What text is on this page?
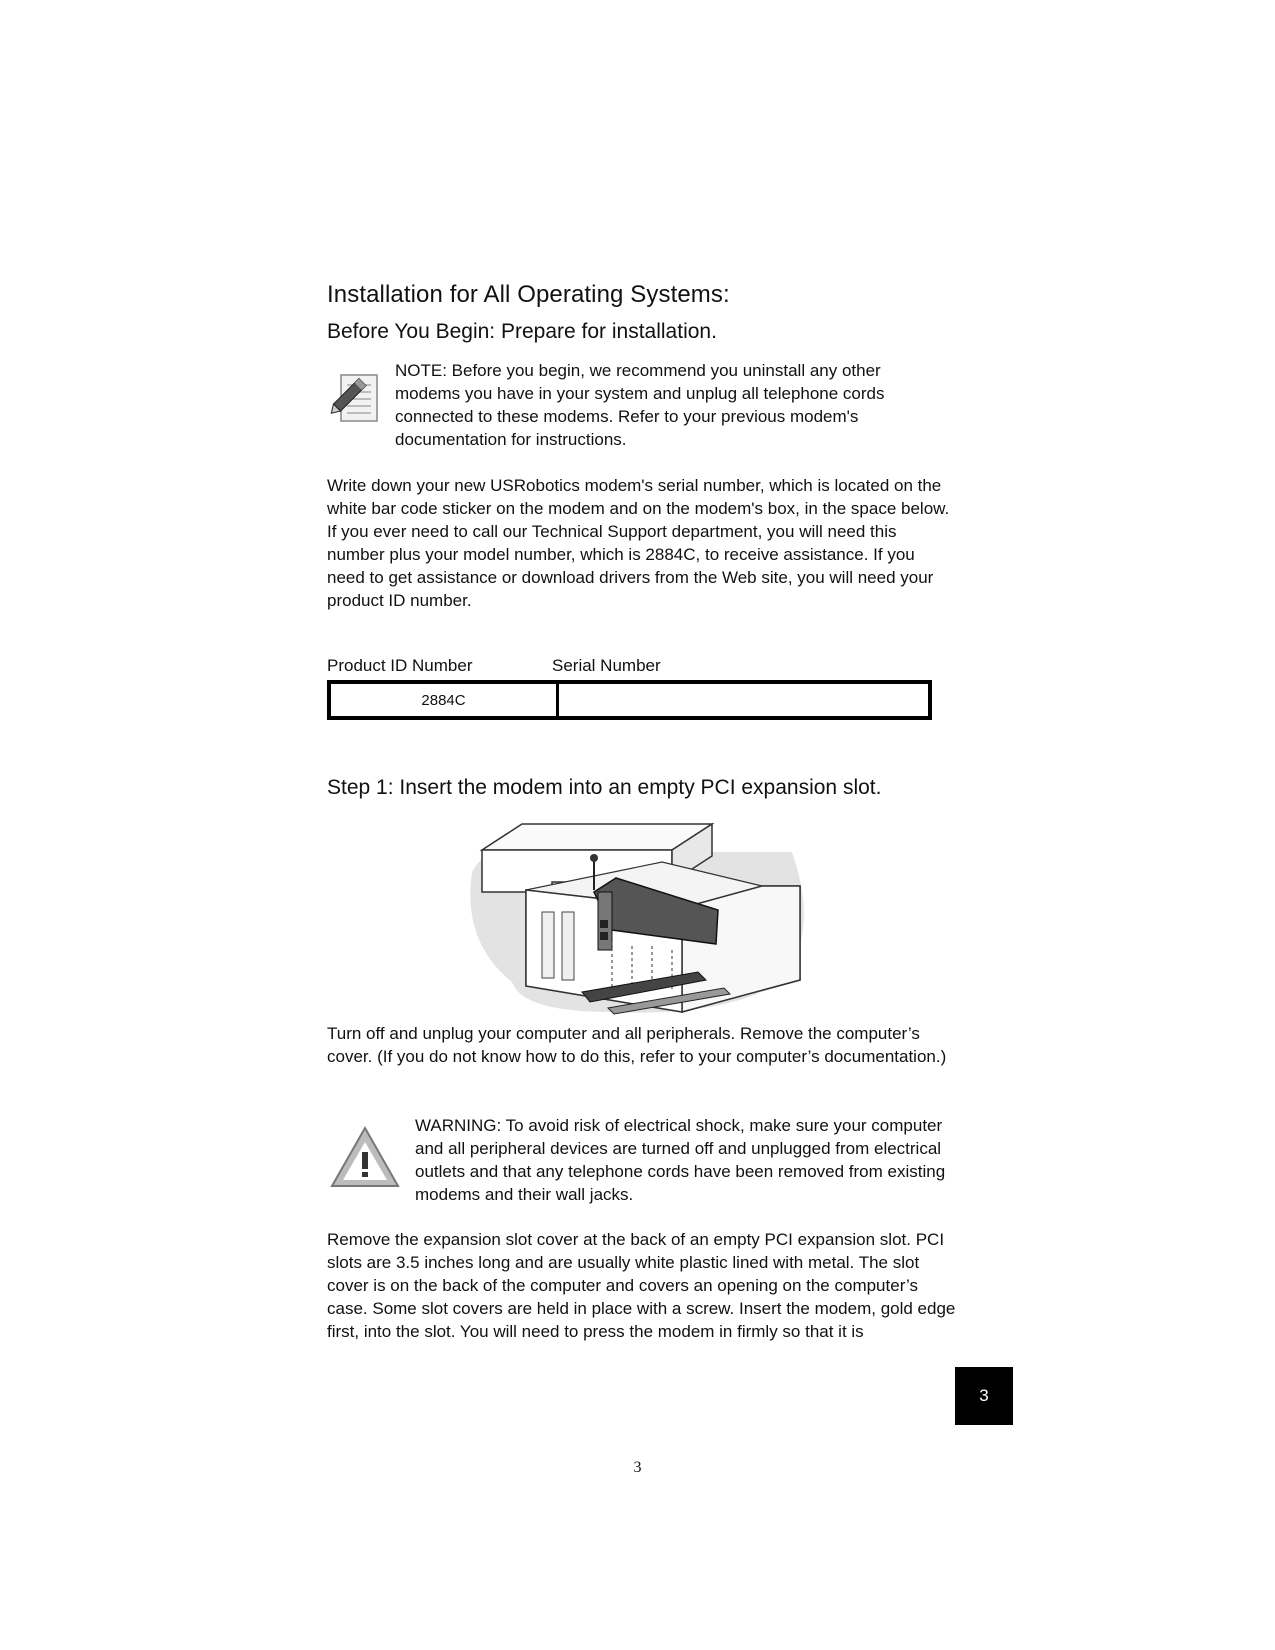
Installation for All Operating Systems:
Before You Begin: Prepare for installation.

NOTE: Before you begin, we recommend you uninstall any other modems you have in your system and unplug all telephone cords connected to these modems. Refer to your previous modem's documentation for instructions.

Write down your new USRobotics modem's serial number, which is located on the white bar code sticker on the modem and on the modem's box, in the space below. If you ever need to call our Technical Support department, you will need this number plus your model number, which is 2884C, to receive assistance. If you need to get assistance or download drivers from the Web site, you will need your product ID number.

Product ID Number	Serial Number
2884C
Step 1: Insert the modem into an empty PCI expansion slot.

Turn off and unplug your computer and all peripherals. Remove the computer’s cover. (If you do not know how to do this, refer to your computer’s documentation.)

WARNING: To avoid risk of electrical shock, make sure your computer and all peripheral devices are turned off and unplugged from electrical outlets and that any telephone cords have been removed from existing modems and their wall jacks.

Remove the expansion slot cover at the back of an empty PCI expansion slot. PCI slots are 3.5 inches long and are usually white plastic lined with metal. The slot cover is on the back of the computer and covers an opening on the computer’s case. Some slot covers are held in place with a screw. Insert the modem, gold edge first, into the slot. You will need to press the modem in firmly so that it is

3
3
